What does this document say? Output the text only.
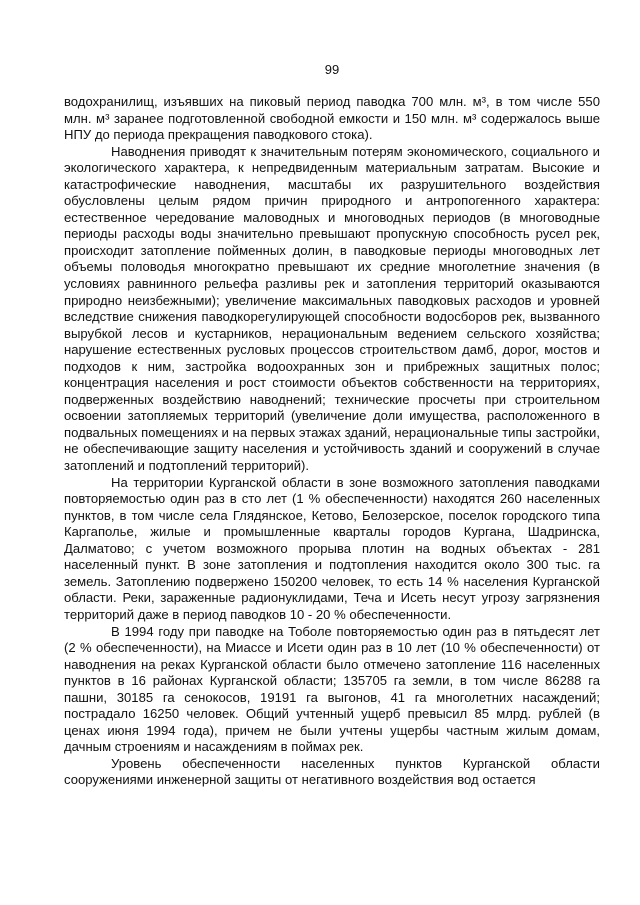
99

водохранилищ, изъявших на пиковый период паводка 700 млн. м³, в том числе 550 млн. м³ заранее подготовленной свободной емкости и 150 млн. м³ содержалось выше НПУ до периода прекращения паводкового стока).

Наводнения приводят к значительным потерям экономического, социального и экологического характера, к непредвиденным материальным затратам. Высокие и катастрофические наводнения, масштабы их разрушительного воздействия обусловлены целым рядом причин природного и антропогенного характера: естественное чередование маловодных и многоводных периодов (в многоводные периоды расходы воды значительно превышают пропускную способность русел рек, происходит затопление пойменных долин, в паводковые периоды многоводных лет объемы половодья многократно превышают их средние многолетние значения (в условиях равнинного рельефа разливы рек и затопления территорий оказываются природно неизбежными); увеличение максимальных паводковых расходов и уровней вследствие снижения паводкорегулирующей способности водосборов рек, вызванного вырубкой лесов и кустарников, нерациональным ведением сельского хозяйства; нарушение естественных русловых процессов строительством дамб, дорог, мостов и подходов к ним, застройка водоохранных зон и прибрежных защитных полос; концентрация населения и рост стоимости объектов собственности на территориях, подверженных воздействию наводнений; технические просчеты при строительном освоении затопляемых территорий (увеличение доли имущества, расположенного в подвальных помещениях и на первых этажах зданий, нерациональные типы застройки, не обеспечивающие защиту населения и устойчивость зданий и сооружений в случае затоплений и подтоплений территорий).

На территории Курганской области в зоне возможного затопления паводками повторяемостью один раз в сто лет (1 % обеспеченности) находятся 260 населенных пунктов, в том числе села Глядянское, Кетово, Белозерское, поселок городского типа Каргаполье, жилые и промышленные кварталы городов Кургана, Шадринска, Далматово; с учетом возможного прорыва плотин на водных объектах - 281 населенный пункт. В зоне затопления и подтопления находится около 300 тыс. га земель. Затоплению подвержено 150200 человек, то есть 14 % населения Курганской области. Реки, зараженные радионуклидами, Теча и Исеть несут угрозу загрязнения территорий даже в период паводков 10 - 20 % обеспеченности.

В 1994 году при паводке на Тоболе повторяемостью один раз в пятьдесят лет (2 % обеспеченности), на Миассе и Исети один раз в 10 лет (10 % обеспеченности) от наводнения на реках Курганской области было отмечено затопление 116 населенных пунктов в 16 районах Курганской области; 135705 га земли, в том числе 86288 га пашни, 30185 га сенокосов, 19191 га выгонов, 41 га многолетних насаждений; пострадало 16250 человек. Общий учтенный ущерб превысил 85 млрд. рублей (в ценах июня 1994 года), причем не были учтены ущербы частным жилым домам, дачным строениям и насаждениям в поймах рек.

Уровень обеспеченности населенных пунктов Курганской области сооружениями инженерной защиты от негативного воздействия вод остается
